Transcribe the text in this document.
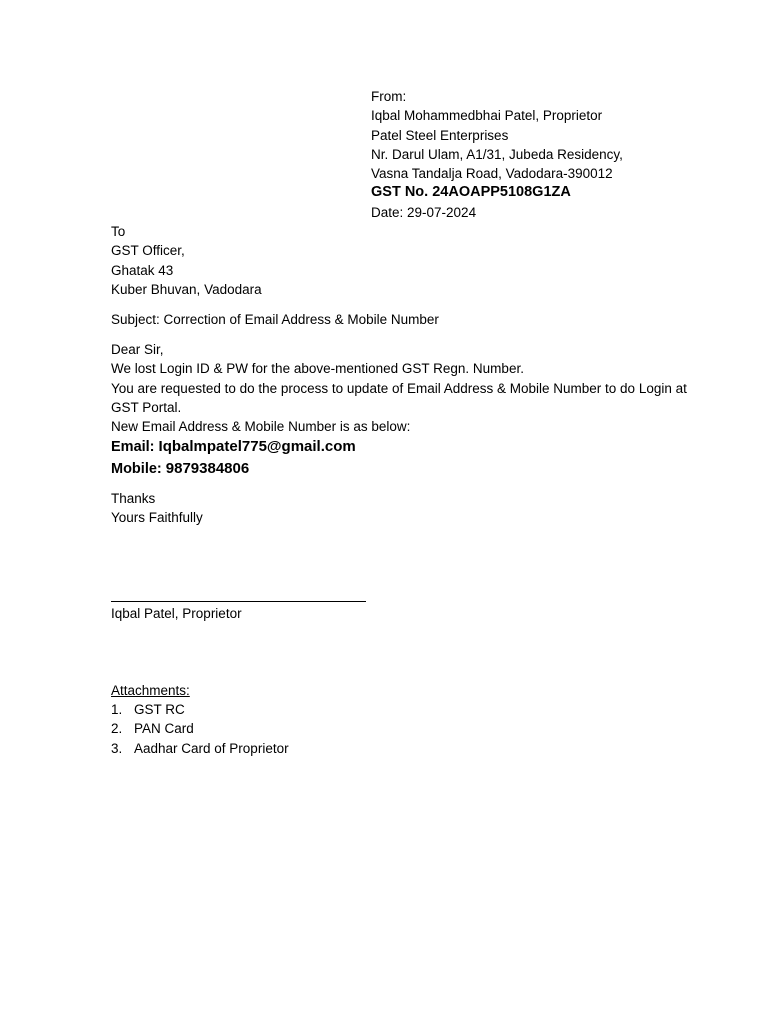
From:
Iqbal Mohammedbhai Patel, Proprietor
Patel Steel Enterprises
Nr. Darul Ulam, A1/31, Jubeda Residency,
Vasna Tandalja Road, Vadodara-390012
GST No. 24AOAPP5108G1ZA
Date: 29-07-2024
To
GST Officer,
Ghatak 43
Kuber Bhuvan, Vadodara
Subject: Correction of Email Address & Mobile Number
Dear Sir,
We lost Login ID & PW for the above-mentioned GST Regn. Number.
You are requested to do the process to update of Email Address & Mobile Number to do Login at GST Portal.
New Email Address & Mobile Number is as below:
Email: Iqbalmpatel775@gmail.com
Mobile: 9879384806
Thanks
Yours Faithfully
Iqbal Patel, Proprietor
Attachments:
1. GST RC
2. PAN Card
3. Aadhar Card of Proprietor
